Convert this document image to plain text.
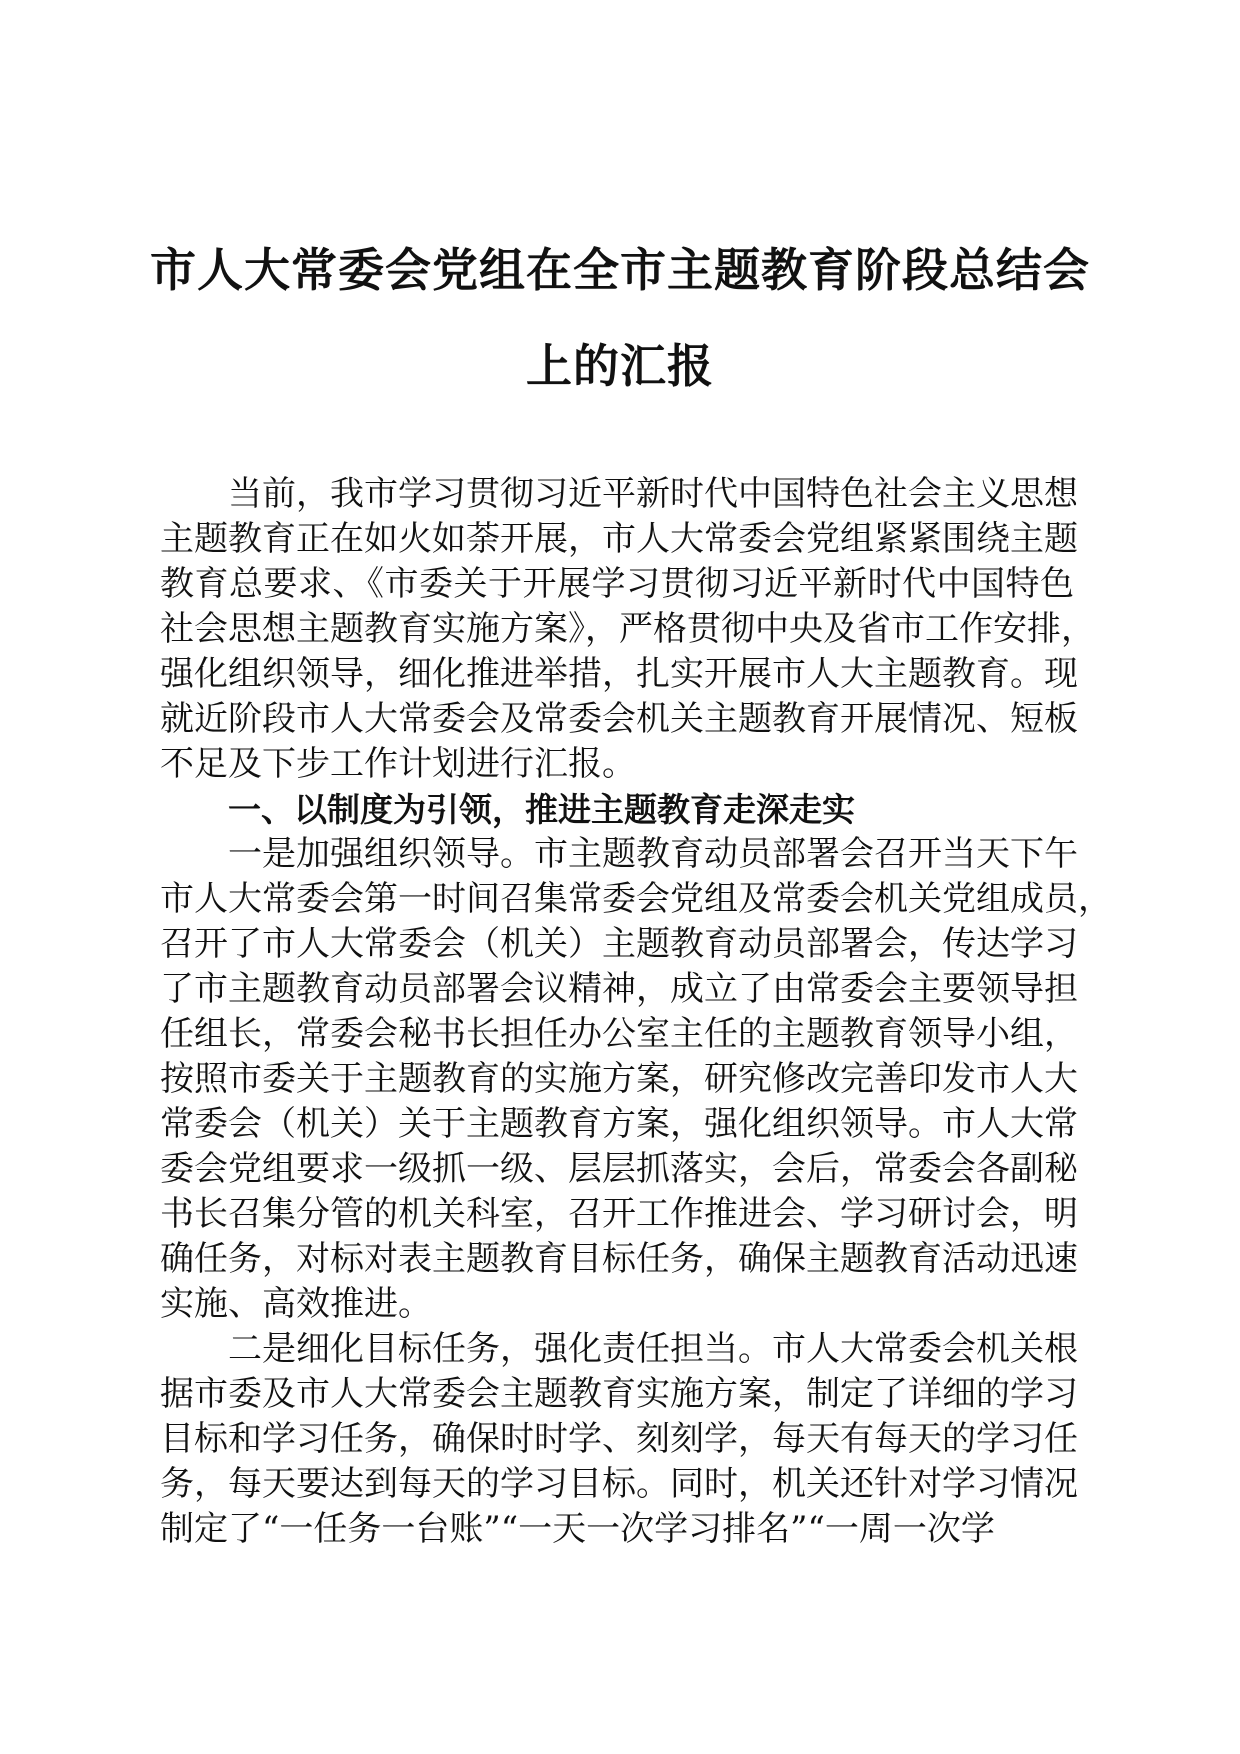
市人大常委会党组在全市主题教育阶段总结会
上的汇报
当前，我市学习贯彻习近平新时代中国特色社会主义思想
主题教育正在如火如荼开展，市人大常委会党组紧紧围绕主题
教育总要求、《市委关于开展学习贯彻习近平新时代中国特色
社会思想主题教育实施方案》，严格贯彻中央及省市工作安排，
强化组织领导，细化推进举措，扎实开展市人大主题教育。现
就近阶段市人大常委会及常委会机关主题教育开展情况、短板
不足及下步工作计划进行汇报。
一、以制度为引领，推进主题教育走深走实
一是加强组织领导。市主题教育动员部署会召开当天下午
市人大常委会第一时间召集常委会党组及常委会机关党组成员，
召开了市人大常委会（机关）主题教育动员部署会，传达学习
了市主题教育动员部署会议精神，成立了由常委会主要领导担
任组长，常委会秘书长担任办公室主任的主题教育领导小组，
按照市委关于主题教育的实施方案，研究修改完善印发市人大
常委会（机关）关于主题教育方案，强化组织领导。市人大常
委会党组要求一级抓一级、层层抓落实，会后，常委会各副秘
书长召集分管的机关科室，召开工作推进会、学习研讨会，明
确任务，对标对表主题教育目标任务，确保主题教育活动迅速
实施、高效推进。
二是细化目标任务，强化责任担当。市人大常委会机关根
据市委及市人大常委会主题教育实施方案，制定了详细的学习
目标和学习任务，确保时时学、刻刻学，每天有每天的学习任
务，每天要达到每天的学习目标。同时，机关还针对学习情况
制定了“一任务一台账”“一天一次学习排名”“一周一次学
